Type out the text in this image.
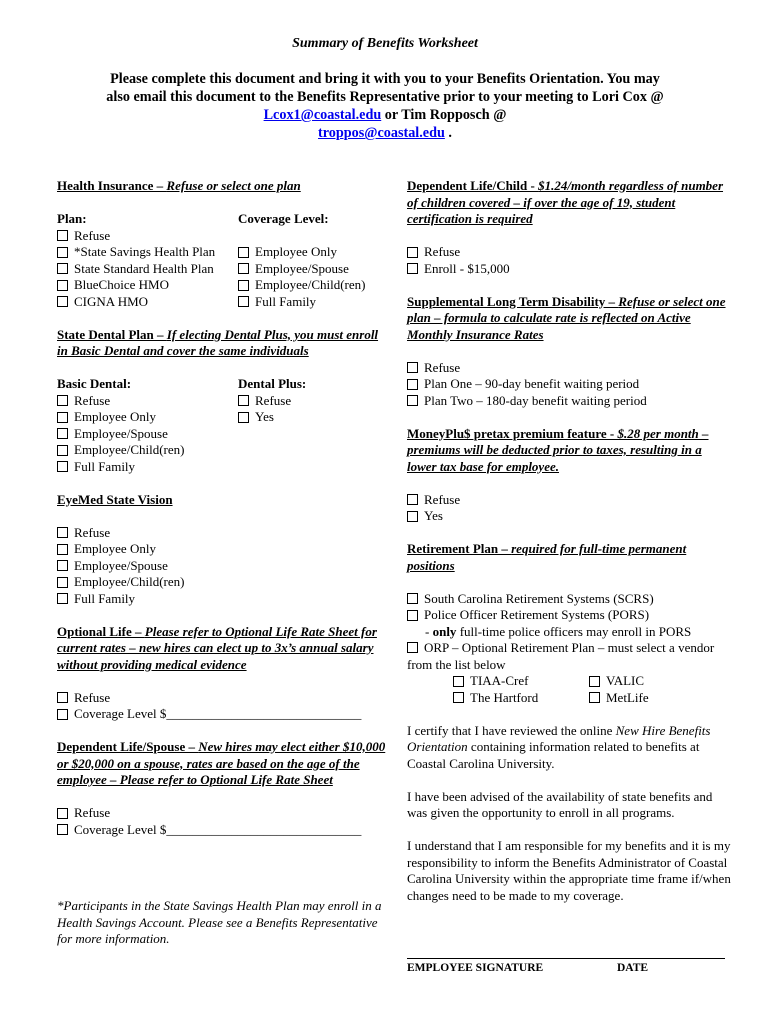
Summary of Benefits Worksheet
Please complete this document and bring it with you to your Benefits Orientation. You may also email this document to the Benefits Representative prior to your meeting to Lori Cox @ Lcox1@coastal.edu or Tim Ropposch @
troppos@coastal.edu .
Health Insurance – Refuse or select one plan
Plan:
Refuse
*State Savings Health Plan
State Standard Health Plan
BlueChoice HMO
CIGNA HMO
Coverage Level:
Employee Only
Employee/Spouse
Employee/Child(ren)
Full Family
State Dental Plan – If electing Dental Plus, you must enroll in Basic Dental and cover the same individuals
Basic Dental:
Refuse
Employee Only
Employee/Spouse
Employee/Child(ren)
Full Family
Dental Plus:
Refuse
Yes
EyeMed State Vision
Refuse
Employee Only
Employee/Spouse
Employee/Child(ren)
Full Family
Optional Life – Please refer to Optional Life Rate Sheet for current rates – new hires can elect up to 3x’s annual salary without providing medical evidence
Refuse
Coverage Level $______________________________
Dependent Life/Spouse – New hires may elect either $10,000 or $20,000 on a spouse, rates are based on the age of the employee – Please refer to Optional Life Rate Sheet
Refuse
Coverage Level $______________________________
*Participants in the State Savings Health Plan may enroll in a Health Savings Account. Please see a Benefits Representative for more information.
Dependent Life/Child - $1.24/month regardless of number of children covered – if over the age of 19, student certification is required
Refuse
Enroll - $15,000
Supplemental Long Term Disability – Refuse or select one plan – formula to calculate rate is reflected on Active Monthly Insurance Rates
Refuse
Plan One – 90-day benefit waiting period
Plan Two – 180-day benefit waiting period
MoneyPlu$ pretax premium feature - $.28 per month – premiums will be deducted prior to taxes, resulting in a lower tax base for employee.
Refuse
Yes
Retirement Plan – required for full-time permanent positions
South Carolina Retirement Systems (SCRS)
Police Officer Retirement Systems (PORS)
- only full-time police officers may enroll in PORS
ORP – Optional Retirement Plan – must select a vendor from the list below
TIAA-Cref
The Hartford
VALIC
MetLife
I certify that I have reviewed the online New Hire Benefits Orientation containing information related to benefits at Coastal Carolina University.
I have been advised of the availability of state benefits and was given the opportunity to enroll in all programs.
I understand that I am responsible for my benefits and it is my responsibility to inform the Benefits Administrator of Coastal Carolina University within the appropriate time frame if/when changes need to be made to my coverage.
EMPLOYEE SIGNATURE	DATE
